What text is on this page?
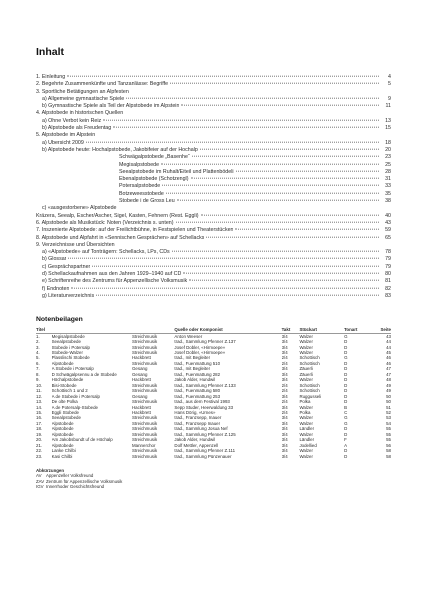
Inhalt
1. Einleitung	4
2. Begehrte Zusammenkünfte und Tanzanlässe: Begriffe	5
3. Sportliche Betätigungen an Alpfesten
a) Allgemeine gymnastische Spiele	9
b) Gymnastische Spiele als Teil der Alpstobede im Alpstein	11
4. Alpstobede in historischen Quellen
a) Ohne Verbot kein Reiz	13
b) Alpstobede als Freudentag	15
5. Alpstobede im Alpstein
a) Übersicht 2009	18
b) Alpstobede heute: Hochalpstobede, Jakobifeier auf der Hochalp	20
Schwägalpstobede „Basenhe“	23
Megisalpstobede	25
Seealpstobede im Ruhalt/Eiteil und Plattenbödeli	28
Ebenalpstobede (Schotzengl)	31
Potersalpstobede	33
Botzeweesstobede	35
Stobede i de Gross Leu	38
c) «ausgestorbene» Alpstobede
Kräzera, Seealp, Escher/Äscher, Sigel, Kasten, Fehnern (Rest. Eggli)	40
6. Alpstobede als Musikstück: Noten (Verzeichnis s. unten)	43
7. Inszenierte Alpstobede: auf der Freilichtbühne, in Festspielen und Theaterstücken	59
8. Alpstobede und Alpfahrt in «Sennischen Gesprächen» auf Schellacks	65
9. Verzeichnisse und Übersichten
a) «Alpstobede» auf Tonträgern: Schellacks, LPs, CDs	78
b) Glossar	79
c) Gesprächspartner	79
d) Schellackaufnahmen aus den Jahren 1929–1940 auf CD	80
e) Schriftenreihe des Zentrums für Appenzellische Volksmusik	81
f) Endnoten	82
g) Literaturverzeichnis	83
Notenbeilagen
Titel			Quelle oder Komponist	Takt	Stückart	Tonart	Seite
1.	Megisalpstobede	Streichmusik	Anton Weeser	3/4	Walzer	G	43
2.	Seealpstobede	Streichmusik	trad., Sammlung Pfenner Z.137	3/4	Walzer	D	44
3.	Stobede i Potersalp	Streichmusik	Josef Dobler, «Hirmoepe»	3/4	Walzer	D	44
4.	Stobede-Walzer	Streichmusik	Josef Dobler, «Hirmoepe»	3/4	Walzer	D	45
5.	Plasslischi Stobede	Hackbrett	trad., mit Begleiter	2/4	Schottisch	G	46
6.	Alpstobede	Streichmusik	trad., Fuenmattung 510	2/4	Schottisch	D	46
7.	A Stobede i Potersalp	Gesang	trad., mit Begleiter	3/4	Zäuerli	D	47
8.	D Schwägalpsennu a de Stobede	Gesang	trad., Fuenmattung 282	3/4	Zäuerli	D	47
9.	Höchalpstobede	Hackbrett	Jakob Alder, Hundwil	3/4	Walzer	D	48
10.	Bisi-Stobede	Streichmusik	trad., Sammlung Pfenner Z.133	2/4	Schottisch	D	49
11.	Schottisch 1 und 2	Streichmusik	trad., Fuenmattung 580	2/4	Schottisch	D	49
12.	A de Stobede i Potersalp	Gesang	trad., Fuenmattung 253	3/4	Ruggusseli	D	50
13.	De olte Polka	Streichmusik	trad., aus dem Festival 1993	2/4	Polka	D	50
14.	A de Potersalp-Stobede	Hackbrett	Sepp Studer, Heerwaldung 33	3/4	Walzer	B	51
15.	Eggli Stobede	Hackbrett	Hans Dörig, «Urnes»	2/4	Polka	C	52
16.	Seealpstobede	Streichmusik	trad., Franzsepp, Inauer	3/4	Walzer	G	53
17.	Alpstobede	Streichmusik	trad., Franzsepp Inauer	3/4	Walzer	G	54
18.	Alpstobede	Streichmusik	trad., Sammlung Josua Nef	3/4	Ländler	D	55
19.	Alpstobede	Streichmusik	trad., Sammlung Pfenner Z.125	3/4	Walzer	D	55
20.	Am Jakobsbundt uf de Höchalp	Streichmusik	Jakob Alder, Hundwil	3/4	Ländler	F	55
21.	Alpstobede	Mannerchor	Dolf Mettler, Appenzell	3/4	Jodellied	A	56
22.	Lanke Chilbi	Streichmusik	trad., Sammlung Pfenner Z.111	3/4	Walzer	D	58
23.	Kasi Chilbi	Streichmusik	trad., Sammlung Pünzenauer	3/4	Walzer	D	58
Abkürzungen
AV Appenzeller Volksfreund
ZAV Zentrum für Appenzellische Volksmusik
IGV Innerrhoder Geschichtsfreund
